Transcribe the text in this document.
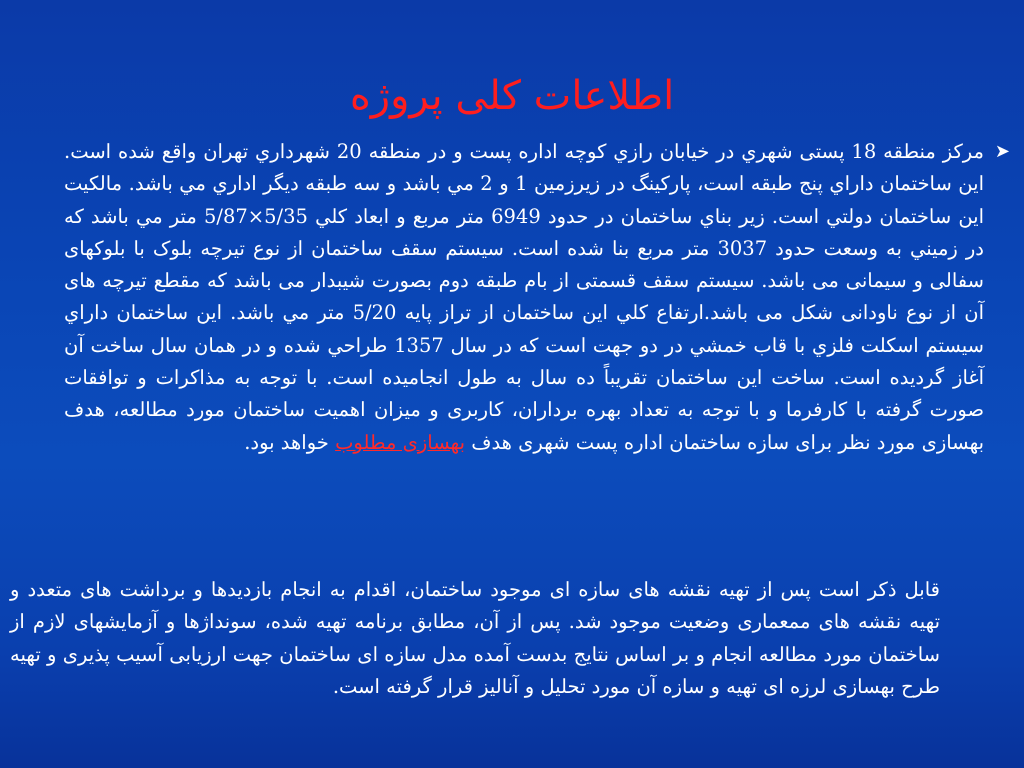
اطلاعات کلی پروژه
➤

مرکز منطقه 18 پستی شهري در خیابان رازي کوچه اداره پست و در منطقه 20 شهرداري تهران واقع شده است. اين ساختمان داراي پنج طبقه است، پارکينگ در زيرزمين 1 و 2 مي باشد و سه طبقه ديگر اداري مي باشد. مالکيت اين ساختمان دولتي است. زير بناي ساختمان در حدود 6949 متر مربع و ابعاد کلي 5/35×5/87 متر مي باشد که در زميني به وسعت حدود 3037 متر مربع بنا شده است. سیستم سقف ساختمان از نوع تیرچه بلوک با بلوکهای سفالی و سیمانی می باشد. سیستم سقف قسمتی از بام طبقه دوم بصورت شیبدار می باشد که مقطع تیرچه های آن از نوع ناودانی شکل می باشد.ارتفاع کلي اين ساختمان از تراز پايه 5/20 متر مي باشد. اين ساختمان داراي سيستم اسکلت فلزي با قاب خمشي در دو جهت است که در سال 1357 طراحي شده و در همان سال ساخت آن آغاز گرديده است. ساخت این ساختمان تقریباً ده سال به طول انجامیده است. با توجه به مذاکرات و توافقات صورت گرفته با کارفرما و با توجه به تعداد بهره برداران، کاربری و میزان اهمیت ساختمان مورد مطالعه، هدف بهسازی مورد نظر برای سازه ساختمان اداره پست شهری هدف بهسازی مطلوب خواهد بود.

قابل ذکر است پس از تهیه نقشه های سازه ای موجود ساختمان، اقدام به انجام بازدیدها و برداشت های متعدد و تهیه نقشه های ممعماری وضعیت موجود شد. پس از آن، مطابق برنامه تهیه شده، سونداژها و آزمایشهای لازم از ساختمان مورد مطالعه انجام و بر اساس نتایج بدست آمده مدل سازه ای ساختمان جهت ارزیابی آسیب پذیری و تهیه طرح بهسازی لرزه ای تهیه و سازه آن مورد تحلیل و آنالیز قرار گرفته است.
